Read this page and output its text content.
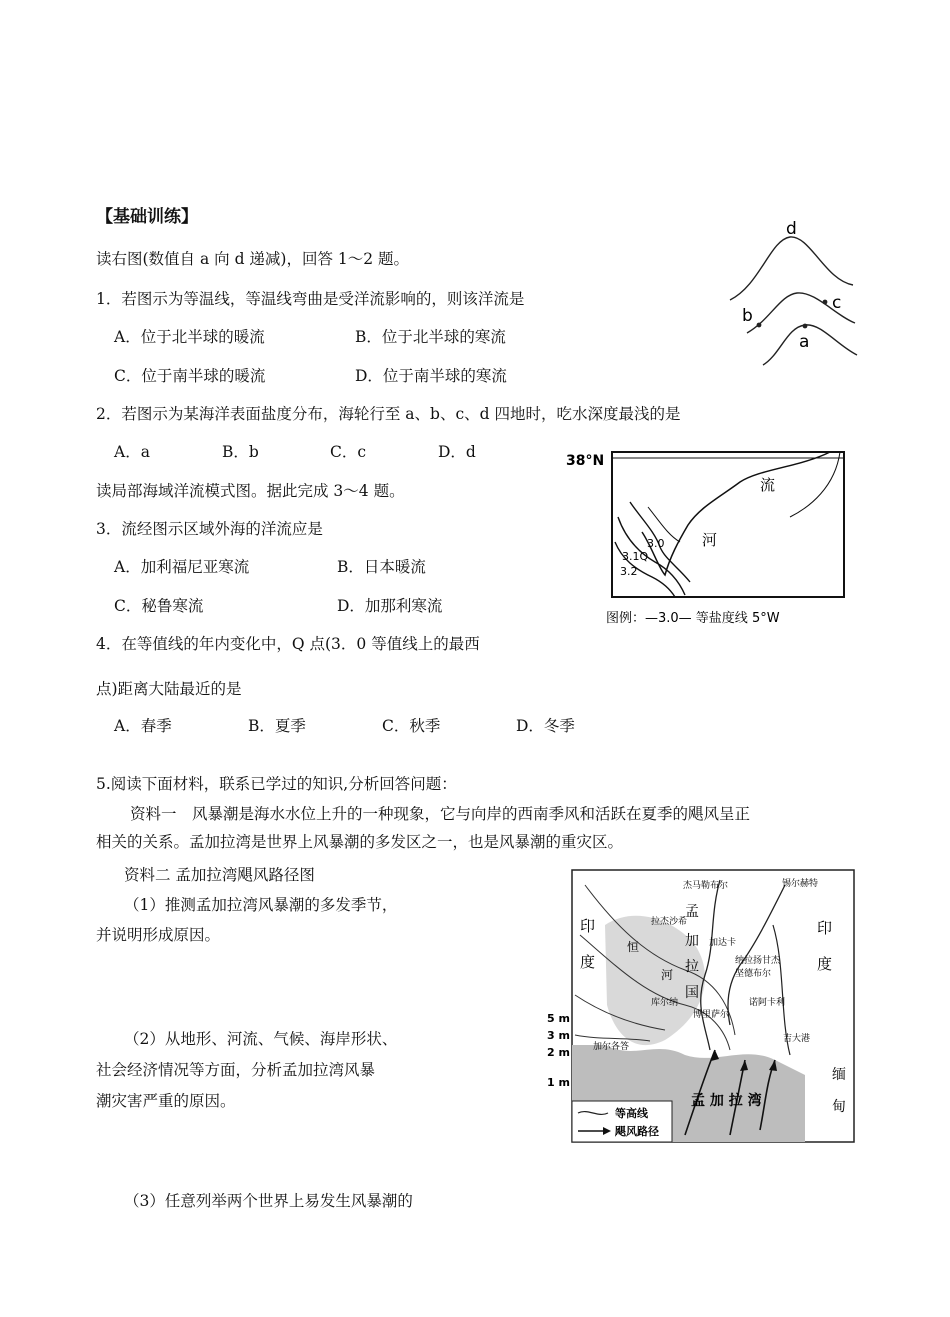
【基础训练】
读右图(数值自 a 向 d 递减)，回答 1～2 题。
1．若图示为等温线，等温线弯曲是受洋流影响的，则该洋流是
A．位于北半球的暖流	B．位于北半球的寒流
C．位于南半球的暖流	D．位于南半球的寒流
2．若图示为某海洋表面盐度分布，海轮行至 a、b、c、d 四地时，吃水深度最浅的是
A．a	B．b	C．c	D．d
读局部海域洋流模式图。据此完成 3～4 题。
3．流经图示区域外海的洋流应是
A．加利福尼亚寒流	B．日本暖流
C．秘鲁寒流	D．加那利寒流
4．在等值线的年内变化中，Q 点(3．0 等值线上的最西
点)距离大陆最近的是
A．春季	B．夏季	C．秋季	D．冬季
5.阅读下面材料，联系已学过的知识,分析回答问题：
资料一　风暴潮是海水水位上升的一种现象，它与向岸的西南季风和活跃在夏季的飓风呈正
相关的关系。孟加拉湾是世界上风暴潮的多发区之一，也是风暴潮的重灾区。
资料二 孟加拉湾飓风路径图
（1）推测孟加拉湾风暴潮的多发季节，
并说明形成原因。
（2）从地形、河流、气候、海岸形状、
社会经济情况等方面，分析孟加拉湾风暴
潮灾害严重的原因。
（3）任意列举两个世界上易发生风暴潮的
d
c
b
a
38°N
流
河
3.0
3.1Q
3.2
图例：—3.0— 等盐度线 5°W
杰马勒布尔	锡尔赫特
拉杰沙希
加达卡
纳拉扬甘杰
坚德布尔
库尔纳
博里萨尔
诺阿卡利
吉大港
加尔各答
孟
加
拉
国
恒
河
印
度
印
度
缅
甸
孟 加 拉 湾
5 m
3 m
2 m
1 m
等高线
飓风路径
